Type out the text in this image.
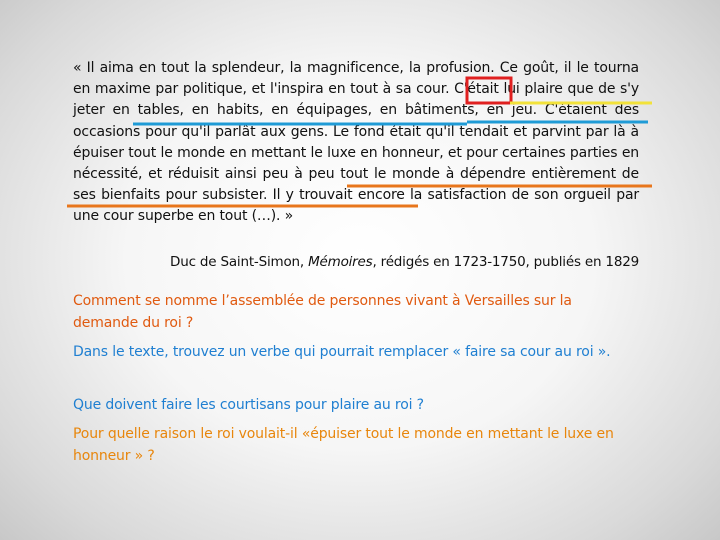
« Il aima en tout la splendeur, la magnificence, la profusion. Ce goût, il le tourna en maxime par politique, et l'inspira en tout à sa cour. C'était lui plaire que de s'y jeter en tables, en habits, en équipages, en bâtiments, en jeu. C'étaient des occasions pour qu'il parlât aux gens. Le fond était qu'il tendait et parvint par là à épuiser tout le monde en mettant le luxe en honneur, et pour certaines parties en nécessité, et réduisit ainsi peu à peu tout le monde à dépendre entièrement de ses bienfaits pour subsister. Il y trouvait encore la satisfaction de son orgueil par une cour superbe en tout (…). »

Duc de Saint-Simon, Mémoires, rédigés en 1723-1750, publiés en 1829

Comment se nomme l’assemblée de personnes vivant à Versailles sur la demande du roi ?

Dans le texte, trouvez un verbe qui pourrait remplacer « faire sa cour au roi ».

Que doivent faire les courtisans pour plaire au roi ?

Pour quelle raison le roi voulait-il «épuiser tout le monde en mettant le luxe en honneur » ?
